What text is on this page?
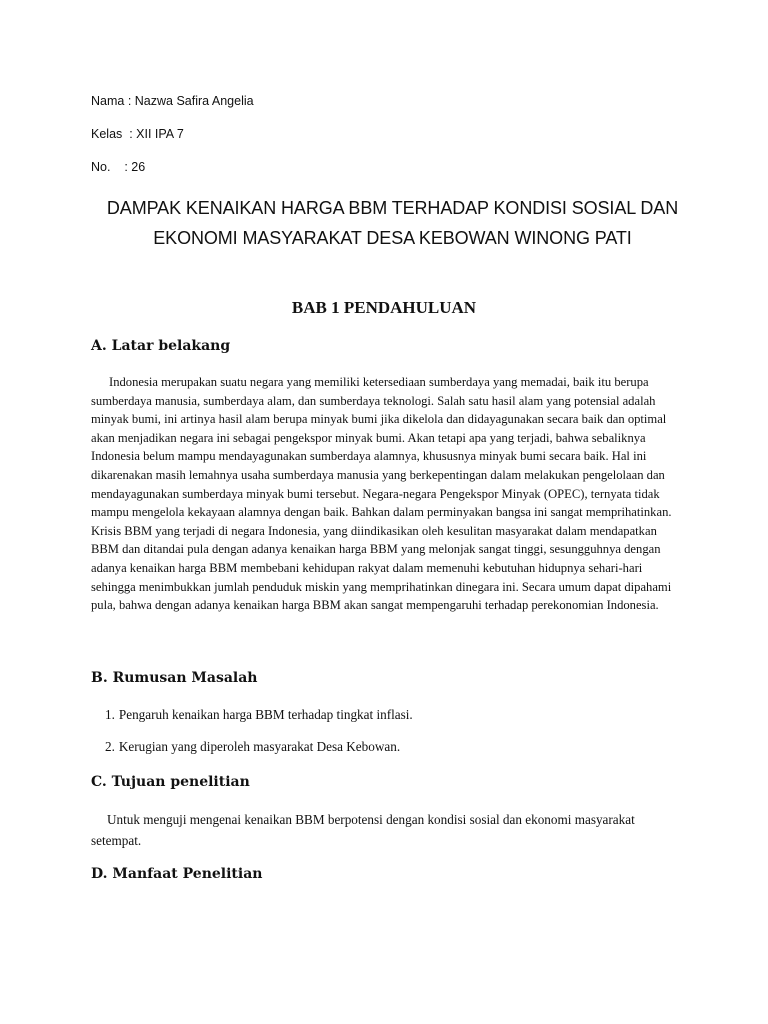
Nama : Nazwa Safira Angelia
Kelas  : XII IPA 7
No.    : 26
DAMPAK KENAIKAN HARGA BBM TERHADAP KONDISI SOSIAL DAN
EKONOMI MASYARAKAT DESA KEBOWAN WINONG PATI
BAB 1 PENDAHULUAN
A. Latar belakang

Indonesia merupakan suatu negara yang memiliki ketersediaan sumberdaya yang memadai, baik itu berupa sumberdaya manusia, sumberdaya alam, dan sumberdaya teknologi. Salah satu hasil alam yang potensial adalah minyak bumi, ini artinya hasil alam berupa minyak bumi jika dikelola dan didayagunakan secara baik dan optimal akan menjadikan negara ini sebagai pengekspor minyak bumi. Akan tetapi apa yang terjadi, bahwa sebaliknya Indonesia belum mampu mendayagunakan sumberdaya alamnya, khususnya minyak bumi secara baik. Hal ini dikarenakan masih lemahnya usaha sumberdaya manusia yang berkepentingan dalam melakukan pengelolaan dan mendayagunakan sumberdaya minyak bumi tersebut. Negara-negara Pengekspor Minyak (OPEC), ternyata tidak mampu mengelola kekayaan alamnya dengan baik. Bahkan dalam perminyakan bangsa ini sangat memprihatinkan. Krisis BBM yang terjadi di negara Indonesia, yang diindikasikan oleh kesulitan masyarakat dalam mendapatkan BBM dan ditandai pula dengan adanya kenaikan harga BBM yang melonjak sangat tinggi, sesungguhnya dengan adanya kenaikan harga BBM membebani kehidupan rakyat dalam memenuhi kebutuhan hidupnya sehari-hari sehingga menimbukkan jumlah penduduk miskin yang memprihatinkan dinegara ini. Secara umum dapat dipahami pula, bahwa dengan adanya kenaikan harga BBM akan sangat mempengaruhi terhadap perekonomian Indonesia.

B. Rumusan Masalah
1. Pengaruh kenaikan harga BBM terhadap tingkat inflasi.
2. Kerugian yang diperoleh masyarakat Desa Kebowan.
C. Tujuan penelitian

Untuk menguji mengenai kenaikan BBM berpotensi dengan kondisi sosial dan ekonomi masyarakat setempat.

D. Manfaat Penelitian
